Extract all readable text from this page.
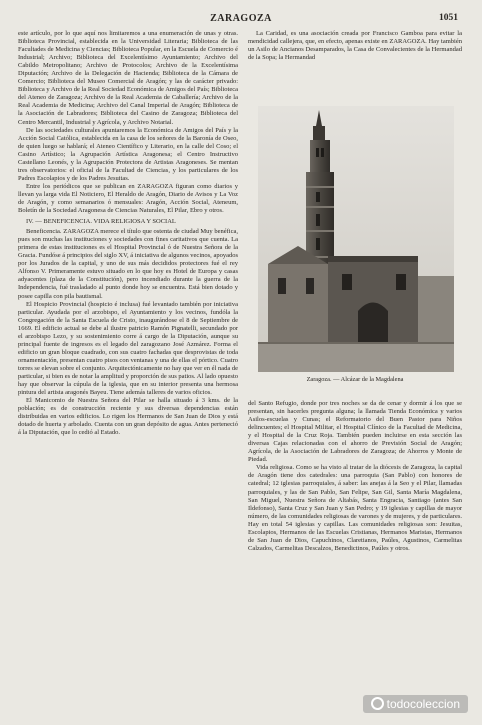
ZARAGOZA	1051

este artículo, por lo que aquí nos limitaremos a una enumeración de unas y otras. Biblioteca Provincial, establecida en la Universidad Literaria; Biblioteca de las Facultades de Medicina y Ciencias; Biblioteca Popular, en la Escuela de Comercio é Industrial; Archivo; Biblioteca del Excelentísimo Ayuntamiento; Archivo del Cabildo Metropolitano; Archivo de Protocolos; Archivo de la Excelentísima Diputación; Archivo de la Delegación de Hacienda; Biblioteca de la Cámara de Comercio; Biblioteca del Museo Comercial de Aragón; y las de carácter privado: Biblioteca y Archivo de la Real Sociedad Económica de Amigos del País; Biblioteca del Ateneo de Zaragoza; Archivo de la Real Academia de Caballería; Archivo de la Real Academia de Medicina; Archivo del Canal Imperial de Aragón; Biblioteca de la Asociación de Labradores; Biblioteca del Casino de Zaragoza; Biblioteca del Centro Mercantil, Industrial y Agrícola, y Archivo Notarial.

De las sociedades culturales apuntaremos la Económica de Amigos del País y la Acción Social Católica, establecida en la casa de los señores de la Baronía de Oseo, de quien luego se hablará; el Ateneo Científico y Literario, en la calle del Coso; el Casino Artístico; la Agrupación Artística Aragonesa; el Centro Instructivo Castellano Leonés, y la Agrupación Protectora de Artistas Aragoneses. Se mentan tres observatorios: el oficial de la Facultad de Ciencias, y los particulares de los Padres Escolapios y de los Padres Jesuitas.

Entre los periódicos que se publican en ZARAGOZA figuran como diarios y llevan ya larga vida El Noticiero, El Heraldo de Aragón, Diario de Avisos y La Voz de Aragón, y como semanarios ó mensuales: Aragón, Acción Social, Ateneum, Boletín de la Sociedad Aragonesa de Ciencias Naturales, El Pilar, Ebro y otros.

IV. — BENEFICENCIA. VIDA RELIGIOSA Y SOCIAL

Beneficencia. ZARAGOZA merece el título que ostenta de ciudad Muy benéfica, pues son muchas las instituciones y sociedades con fines caritativos que cuenta. La primera de estas instituciones es el Hospital Provincial ó de Nuestra Señora de la Gracia. Fundóse á principios del siglo XV, á iniciativa de algunos vecinos, apoyados por los Jurados de la capital, y uno de sus más decididos protectores fué el rey Alfonso V. Primeramente estuvo situado en lo que hoy es Hotel de Europa y casas adyacentes (plaza de la Constitución), pero incendiado durante la guerra de la Independencia, fué trasladado al punto donde hoy se encuentra. Está bien dotado y posee capilla con pila bautismal.

El Hospicio Provincial (hospicio é inclusa) fué levantado también por iniciativa particular. Ayudada por el arzobispo, el Ayuntamiento y los vecinos, fundóla la Congregación de la Santa Escuela de Cristo, inaugurándose el 8 de Septiembre de 1669. El edificio actual se debe al ilustre patricio Ramón Pignatelli, secundado por el arzobispo Lezo, y su sostenimiento corre á cargo de la Diputación, aunque su principal fuente de ingresos es el legado del zaragozano José Azmárez. Forma el edificio un gran bloque cuadrado, con sus cuatro fachadas que desprovistas de toda ornamentación, presentan cuatro pisos con ventanas y una de ellas el pórtico. Cuatro torres se elevan sobre el conjunto. Arquitectónicamente no hay que ver en él nada de particular, si bien es de notar la amplitud y proporción de sus patios. Al lado opuesto hay que observar la cúpula de la iglesia, que en su interior presenta una hermosa pintura del artista aragonés Bayeu. Tiene además talleres de varios oficios.

El Manicomio de Nuestra Señora del Pilar se halla situado á 3 kms. de la población; es de construcción reciente y sus diversas dependencias están distribuidas en varios edificios. Lo rigen los Hermanos de San Juan de Dios y está dotado de huerta y arbolado. Cuenta con un gran depósito de agua. Antes perteneció á la Diputación, que lo cedió al Estado.

La Caridad, es una asociación creada por Francisco Gamboa para evitar la mendicidad callejera, que, en efecto, apenas existe en ZARAGOZA. Hay también un Asilo de Ancianos Desamparados, la Casa de Convalecientes de la Hermandad de la Sopa; la Hermandad

Zaragoza. — Alcázar de la Magdalena

del Santo Refugio, donde por tres noches se da de cenar y dormir á los que se presentan, sin hacerles pregunta alguna; la llamada Tienda Económica y varios Asilos-escuelas y Cunas; el Reformatorio del Buen Pastor para Niños delincuentes; el Hospital Militar, el Hospital Clínico de la Facultad de Medicina, y el Hospital de la Cruz Roja. También pueden incluirse en esta sección las diversas Cajas relacionadas con el ahorro de Previsión Social de Aragón; Agrícola, de la Asociación de Labradores de Zaragoza; de Ahorros y Monte de Piedad.

Vida religiosa. Como se ha visto al tratar de la diócesis de Zaragoza, la capital de Aragón tiene dos catedrales: una parroquia (San Pablo) con honores de catedral; 12 iglesias parroquiales, á saber: las anejas á la Seo y el Pilar, llamadas parroquiales, y las de San Pablo, San Felipe, San Gil, Santa María Magdalena, San Miguel, Nuestra Señora de Altabás, Santa Engracia, Santiago (antes San Ildefonso), Santa Cruz y San Juan y San Pedro; y 19 iglesias y capillas de mayor número, de las comunidades religiosas de varones y de mujeres, y de particulares. Hay en total 54 iglesias y capillas. Las comunidades religiosas son: Jesuitas, Escolapios, Hermanos de las Escuelas Cristianas, Hermanos Maristas, Hermanos de San Juan de Dios, Capuchinos, Claretianos, Paúles, Agustinos, Carmelitas Calzados, Carmelitas Descalzos, Benedictinos, Paúles y otros.

todocoleccion
